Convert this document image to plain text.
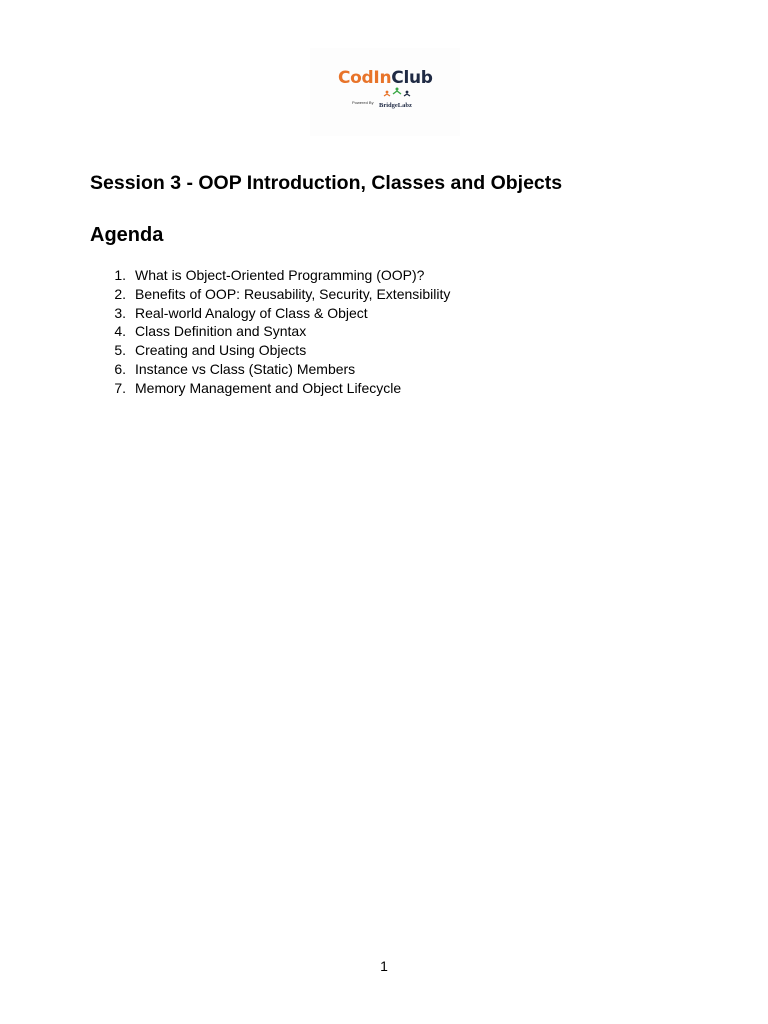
CodInClub
Powered By BridgeLabz
Session 3 - OOP Introduction, Classes and Objects
Agenda
1. What is Object-Oriented Programming (OOP)?
2. Benefits of OOP: Reusability, Security, Extensibility
3. Real-world Analogy of Class & Object
4. Class Definition and Syntax
5. Creating and Using Objects
6. Instance vs Class (Static) Members
7. Memory Management and Object Lifecycle
1
